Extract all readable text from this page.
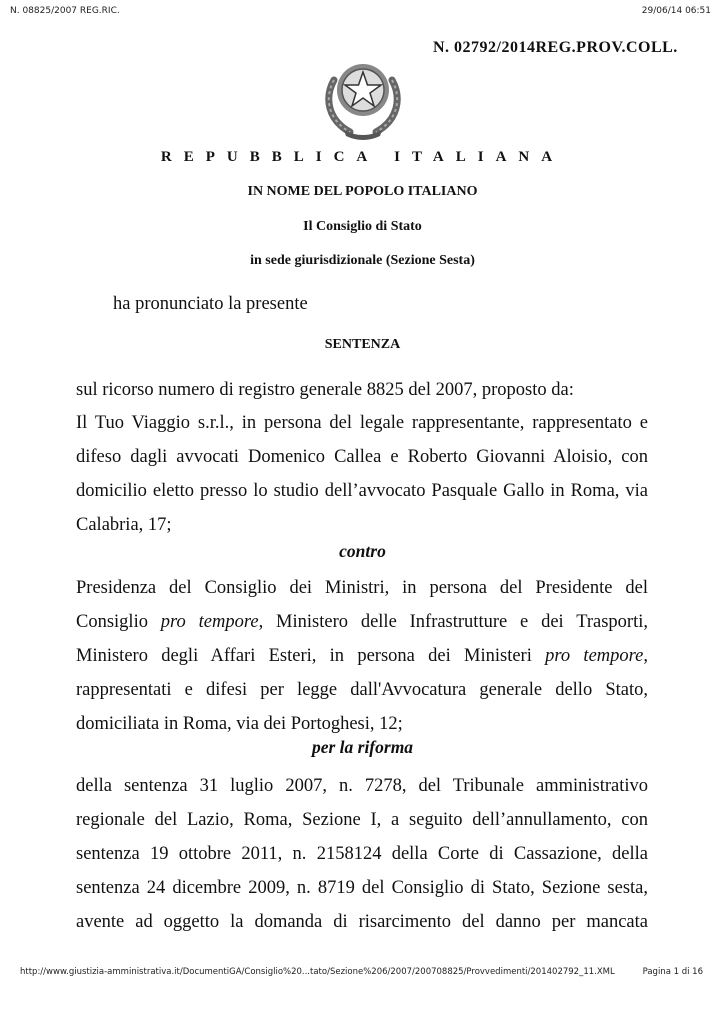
N. 08825/2007 REG.RIC.	29/06/14 06:51
N. 02792/2014REG.PROV.COLL.
REPUBBLICA ITALIANA
IN NOME DEL POPOLO ITALIANO
Il Consiglio di Stato
in sede giurisdizionale (Sezione Sesta)
ha pronunciato la presente
SENTENZA
sul ricorso numero di registro generale 8825 del 2007, proposto da:
Il Tuo Viaggio s.r.l., in persona del legale rappresentante, rappresentato e
difeso dagli avvocati Domenico Callea e Roberto Giovanni Aloisio, con
domicilio eletto presso lo studio dell’avvocato Pasquale Gallo in Roma, via
Calabria, 17;
contro
Presidenza del Consiglio dei Ministri, in persona del Presidente del
Consiglio pro tempore, Ministero delle Infrastrutture e dei Trasporti,
Ministero degli Affari Esteri, in persona dei Ministeri pro tempore,
rappresentati e difesi per legge dall'Avvocatura generale dello Stato,
domiciliata in Roma, via dei Portoghesi, 12;
per la riforma
della sentenza 31 luglio 2007, n. 7278, del Tribunale amministrativo
regionale del Lazio, Roma, Sezione I, a seguito dell’annullamento, con
sentenza 19 ottobre 2011, n. 2158124 della Corte di Cassazione, della
sentenza 24 dicembre 2009, n. 8719 del Consiglio di Stato, Sezione sesta,
avente ad oggetto la domanda di risarcimento del danno per mancata
http://www.giustizia-amministrativa.it/DocumentiGA/Consiglio%20...tato/Sezione%206/2007/200708825/Provvedimenti/201402792_11.XML	Pagina 1 di 16
